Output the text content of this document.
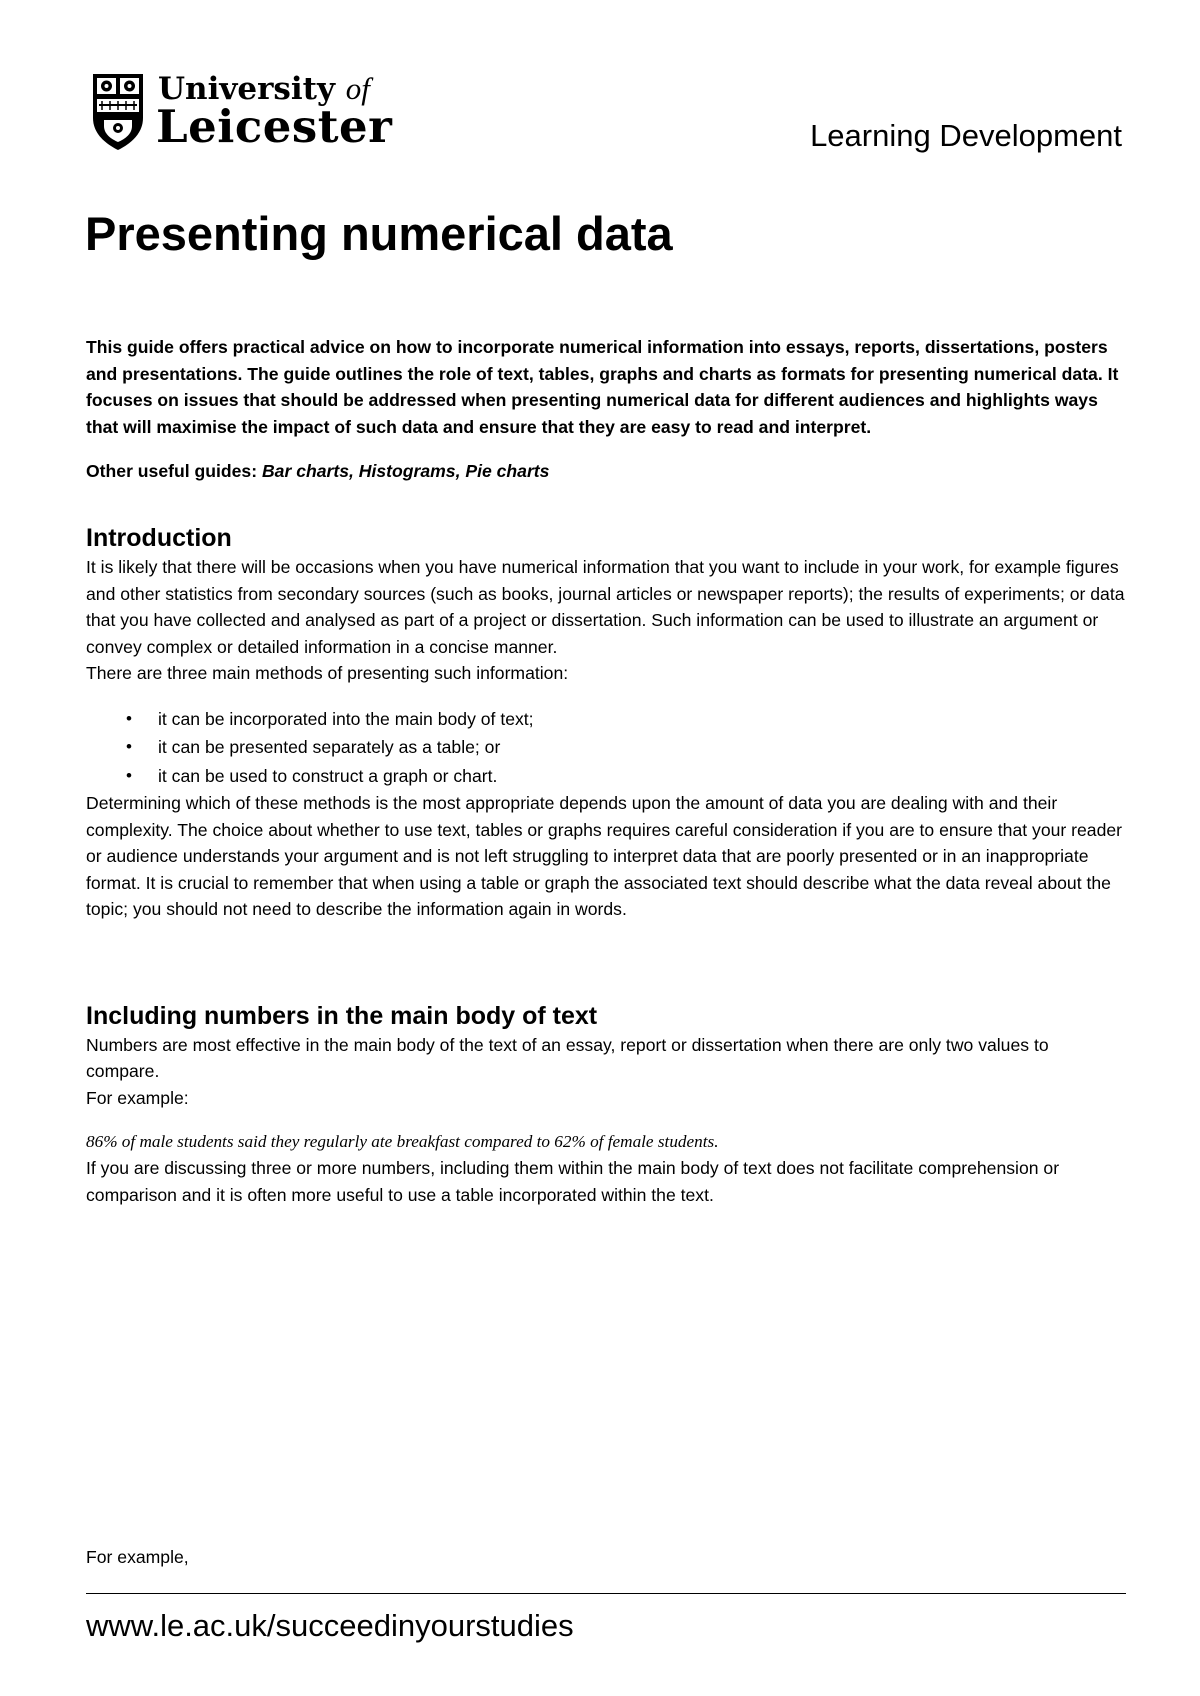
University of
Leicester	Learning Development
Presenting numerical data

This guide offers practical advice on how to incorporate numerical information into essays, reports, dissertations, posters and presentations. The guide outlines the role of text, tables, graphs and charts as formats for presenting numerical data. It focuses on issues that should be addressed when presenting numerical data for different audiences and highlights ways that will maximise the impact of such data and ensure that they are easy to read and interpret.

Other useful guides: Bar charts, Histograms, Pie charts

Introduction

It is likely that there will be occasions when you have numerical information that you want to include in your work, for example figures and other statistics from secondary sources (such as books, journal articles or newspaper reports); the results of experiments; or data that you have collected and analysed as part of a project or dissertation. Such information can be used to illustrate an argument or convey complex or detailed information in a concise manner.

There are three main methods of presenting such information:

• it can be incorporated into the main body of text;
• it can be presented separately as a table; or
• it can be used to construct a graph or chart.

Determining which of these methods is the most appropriate depends upon the amount of data you are dealing with and their complexity. The choice about whether to use text, tables or graphs requires careful consideration if you are to ensure that your reader or audience understands your argument and is not left struggling to interpret data that are poorly presented or in an inappropriate format. It is crucial to remember that when using a table or graph the associated text should describe what the data reveal about the topic; you should not need to describe the information again in words.

Including numbers in the main body of text

Numbers are most effective in the main body of the text of an essay, report or dissertation when there are only two values to compare.

For example:

86% of male students said they regularly ate breakfast compared to 62% of female students.

If you are discussing three or more numbers, including them within the main body of text does not facilitate comprehension or comparison and it is often more useful to use a table incorporated within the text.

For example,
www.le.ac.uk/succeedinyourstudies
